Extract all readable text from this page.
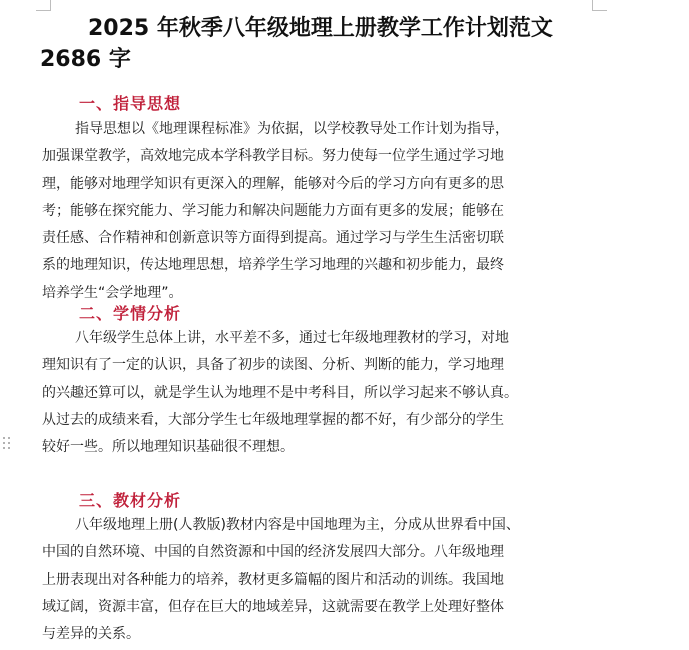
2025 年秋季八年级地理上册教学工作计划范文
2686 字
一、指导思想
指导思想以《地理课程标准》为依据，以学校教导处工作计划为指导，
加强课堂教学，高效地完成本学科教学目标。努力使每一位学生通过学习地
理，能够对地理学知识有更深入的理解，能够对今后的学习方向有更多的思
考；能够在探究能力、学习能力和解决问题能力方面有更多的发展；能够在
责任感、合作精神和创新意识等方面得到提高。通过学习与学生生活密切联
系的地理知识，传达地理思想，培养学生学习地理的兴趣和初步能力，最终
培养学生“会学地理”。
二、学情分析
八年级学生总体上讲，水平差不多，通过七年级地理教材的学习，对地
理知识有了一定的认识，具备了初步的读图、分析、判断的能力，学习地理
的兴趣还算可以，就是学生认为地理不是中考科目，所以学习起来不够认真。
从过去的成绩来看，大部分学生七年级地理掌握的都不好，有少部分的学生
较好一些。所以地理知识基础很不理想。
三、教材分析
八年级地理上册(人教版)教材内容是中国地理为主，分成从世界看中国、
中国的自然环境、中国的自然资源和中国的经济发展四大部分。八年级地理
上册表现出对各种能力的培养，教材更多篇幅的图片和活动的训练。我国地
域辽阔，资源丰富，但存在巨大的地域差异，这就需要在教学上处理好整体
与差异的关系。
